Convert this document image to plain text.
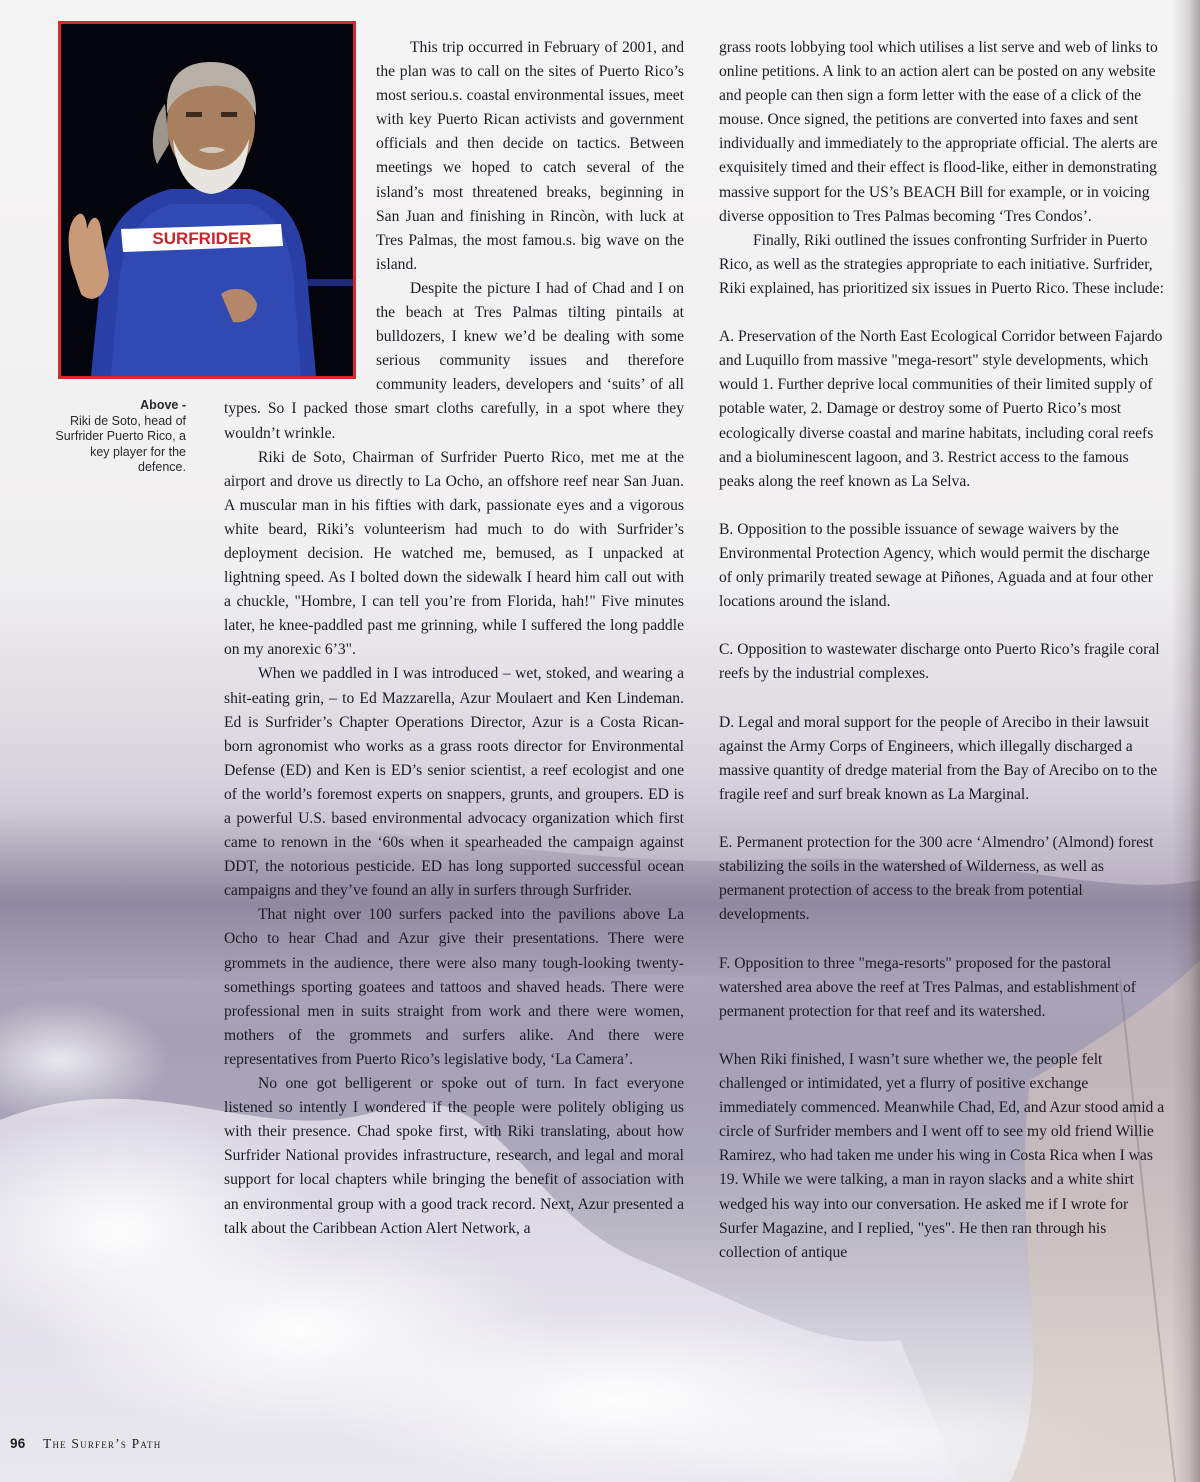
SURFRIDER
Above -
Riki de Soto, head of Surfrider Puerto Rico, a key player for the defence.

This trip occurred in February of 2001, and the plan was to call on the sites of Puerto Rico’s most seriou.s. coastal environmental issues, meet with key Puerto Rican activists and government officials and then decide on tactics. Between meetings we hoped to catch several of the island’s most threatened breaks, beginning in San Juan and finishing in Rincòn, with luck at Tres Palmas, the most famou.s. big wave on the island.

Despite the picture I had of Chad and I on the beach at Tres Palmas tilting pintails at bulldozers, I knew we’d be dealing with some serious community issues and therefore community leaders, developers and ‘suits’ of all types. So I packed those smart cloths carefully, in a spot where they wouldn’t wrinkle.

Riki de Soto, Chairman of Surfrider Puerto Rico, met me at the airport and drove us directly to La Ocho, an offshore reef near San Juan. A muscular man in his fifties with dark, passionate eyes and a vigorous white beard, Riki’s volunteerism had much to do with Surfrider’s deployment decision. He watched me, bemused, as I unpacked at lightning speed. As I bolted down the sidewalk I heard him call out with a chuckle, "Hombre, I can tell you’re from Florida, hah!" Five minutes later, he knee-paddled past me grinning, while I suffered the long paddle on my anorexic 6’3".

When we paddled in I was introduced – wet, stoked, and wearing a shit-eating grin, – to Ed Mazzarella, Azur Moulaert and Ken Lindeman. Ed is Surfrider’s Chapter Operations Director, Azur is a Costa Rican-born agronomist who works as a grass roots director for Environmental Defense (ED) and Ken is ED’s senior scientist, a reef ecologist and one of the world’s foremost experts on snappers, grunts, and groupers. ED is a powerful U.S. based environmental advocacy organization which first came to renown in the ‘60s when it spearheaded the campaign against DDT, the notorious pesticide. ED has long supported successful ocean campaigns and they’ve found an ally in surfers through Surfrider.

That night over 100 surfers packed into the pavilions above La Ocho to hear Chad and Azur give their presentations. There were grommets in the audience, there were also many tough-looking twenty-somethings sporting goatees and tattoos and shaved heads. There were professional men in suits straight from work and there were women, mothers of the grommets and surfers alike. And there were representatives from Puerto Rico’s legislative body, ‘La Camera’.

No one got belligerent or spoke out of turn. In fact everyone listened so intently I wondered if the people were politely obliging us with their presence. Chad spoke first, with Riki translating, about how Surfrider National provides infrastructure, research, and legal and moral support for local chapters while bringing the benefit of association with an environmental group with a good track record. Next, Azur presented a talk about the Caribbean Action Alert Network, a

grass roots lobbying tool which utilises a list serve and web of links to online petitions. A link to an action alert can be posted on any website and people can then sign a form letter with the ease of a click of the mouse. Once signed, the petitions are converted into faxes and sent individually and immediately to the appropriate official. The alerts are exquisitely timed and their effect is flood-like, either in demonstrating massive support for the US’s BEACH Bill for example, or in voicing diverse opposition to Tres Palmas becoming ‘Tres Condos’.

Finally, Riki outlined the issues confronting Surfrider in Puerto Rico, as well as the strategies appropriate to each initiative. Surfrider, Riki explained, has prioritized six issues in Puerto Rico. These include:

A. Preservation of the North East Ecological Corridor between Fajardo and Luquillo from massive "mega-resort" style developments, which would 1. Further deprive local communities of their limited supply of potable water, 2. Damage or destroy some of Puerto Rico’s most ecologically diverse coastal and marine habitats, including coral reefs and a bioluminescent lagoon, and 3. Restrict access to the famous peaks along the reef known as La Selva.

B. Opposition to the possible issuance of sewage waivers by the Environmental Protection Agency, which would permit the discharge of only primarily treated sewage at Piñones, Aguada and at four other locations around the island.

C. Opposition to wastewater discharge onto Puerto Rico’s fragile coral reefs by the industrial complexes.

D. Legal and moral support for the people of Arecibo in their lawsuit against the Army Corps of Engineers, which illegally discharged a massive quantity of dredge material from the Bay of Arecibo on to the fragile reef and surf break known as La Marginal.

E. Permanent protection for the 300 acre ‘Almendro’ (Almond) forest stabilizing the soils in the watershed of Wilderness, as well as permanent protection of access to the break from potential developments.

F. Opposition to three "mega-resorts" proposed for the pastoral watershed area above the reef at Tres Palmas, and establishment of permanent protection for that reef and its watershed.

When Riki finished, I wasn’t sure whether we, the people felt challenged or intimidated, yet a flurry of positive exchange immediately commenced. Meanwhile Chad, Ed, and Azur stood amid a circle of Surfrider members and I went off to see my old friend Willie Ramirez, who had taken me under his wing in Costa Rica when I was 19. While we were talking, a man in rayon slacks and a white shirt wedged his way into our conversation. He asked me if I wrote for Surfer Magazine, and I replied, "yes". He then ran through his collection of antique

96 The Surfer’s Path
